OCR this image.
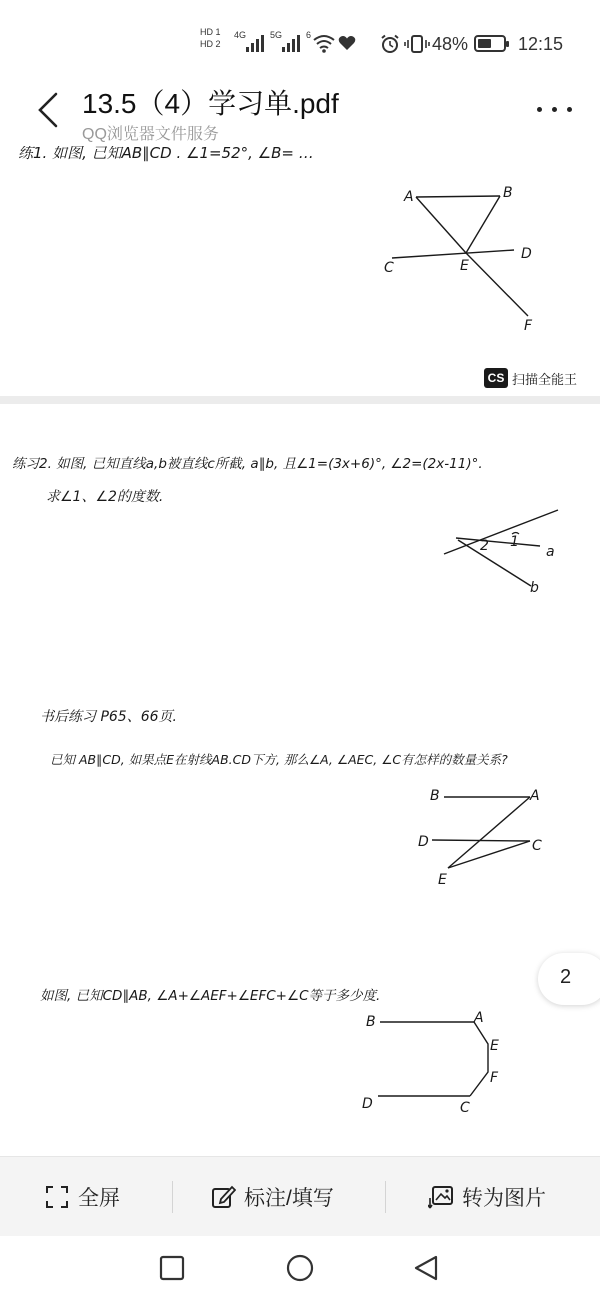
HD 1
HD 2
4G	5G	6	48%	12:15
13.5（4）学习单.pdf
QQ浏览器文件服务
练1. 如图, 已知AB∥CD . ∠1=52°, ∠B= …
A	B
C	E
D
F
CS 扫描全能王
练习2. 如图, 已知直线a,b被直线c所截, a∥b, 且∠1=(3x+6)°, ∠2=(2x-11)°.
求∠1、∠2的度数.
2 1
a
b
书后练习 P65、66页.
已知 AB∥CD, 如果点E在射线AB.CD下方, 那么∠A, ∠AEC, ∠C有怎样的数量关系?
B	A
D	C
E
如图, 已知CD∥AB, ∠A+∠AEF+∠EFC+∠C等于多少度.
B	A
E
F
D	C
2
全屏	标注/填写	转为图片
